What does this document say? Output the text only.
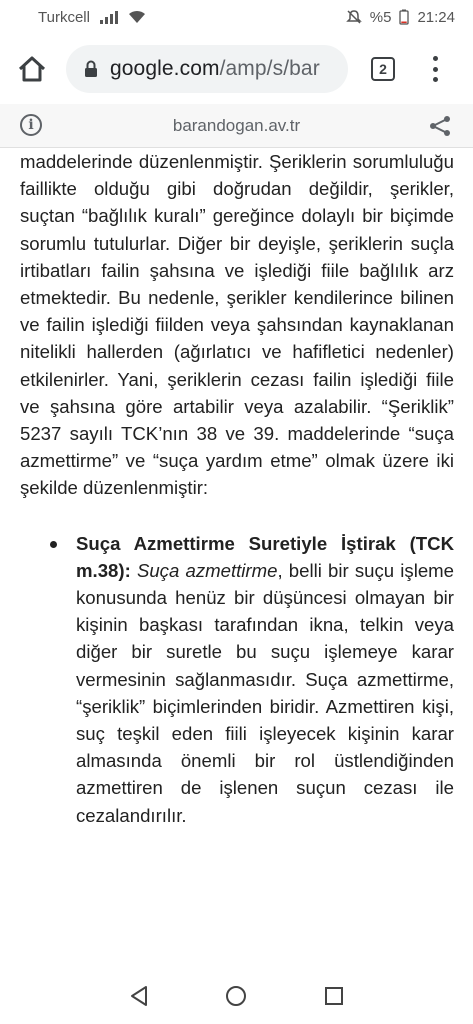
Turkcell	%5 21:24
google.com/amp/s/bar	2
i	barandogan.av.tr

maddelerinde düzenlenmiştir. Şeriklerin sorumluluğu faillikte olduğu gibi doğrudan değildir, şerikler, suçtan “bağlılık kuralı” gereğince dolaylı bir biçimde sorumlu tutulurlar. Diğer bir deyişle, şeriklerin suçla irtibatları failin şahsına ve işlediği fiile bağlılık arz etmektedir. Bu nedenle, şerikler kendilerince bilinen ve failin işlediği fiilden veya şahsından kaynaklanan nitelikli hallerden (ağırlatıcı ve hafifletici nedenler) etkilenirler. Yani, şeriklerin cezası failin işlediği fiile ve şahsına göre artabilir veya azalabilir. “Şeriklik” 5237 sayılı TCK’nın 38 ve 39. maddelerinde “suça azmettirme” ve “suça yardım etme” olmak üzere iki şekilde düzenlenmiştir:

Suça Azmettirme Suretiyle İştirak (TCK m.38): Suça azmettirme, belli bir suçu işleme konusunda henüz bir düşüncesi olmayan bir kişinin başkası tarafından ikna, telkin veya diğer bir suretle bu suçu işlemeye karar vermesinin sağlanmasıdır. Suça azmettirme, “şeriklik” biçimlerinden biridir. Azmettiren kişi, suç teşkil eden fiili işleyecek kişinin karar almasında önemli bir rol üstlendiğinden azmettiren de işlenen suçun cezası ile cezalandırılır.
